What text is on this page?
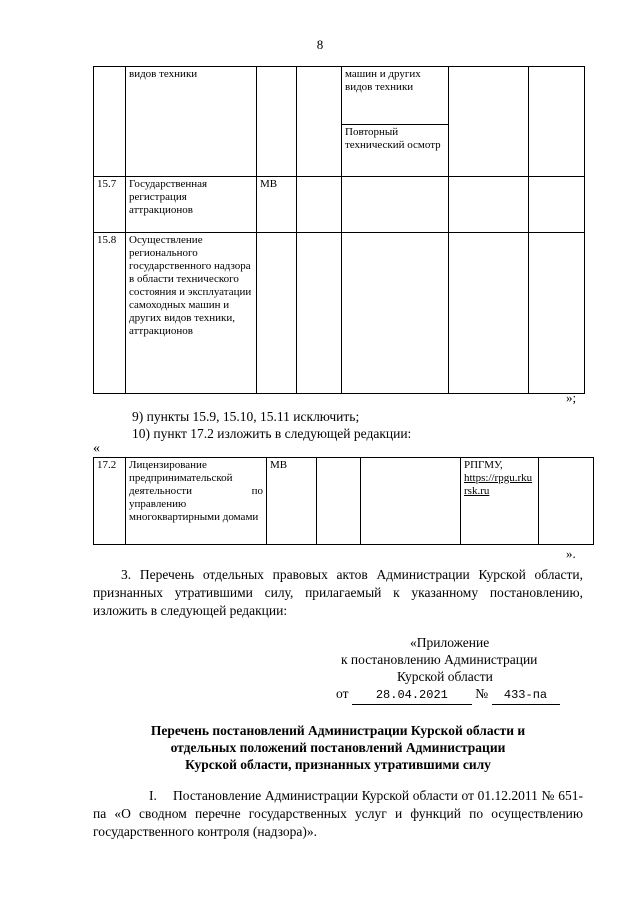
8
	видов техники			машин и других видов техники
Повторный технический осмотр		

15.7	Государственная регистрация аттракционов	МВ				
15.8	Осуществление регионального государственного надзора в области технического состояния и эксплуатации самоходных машин и других видов техники, аттракционов					
»;
9) пункты 15.9, 15.10, 15.11 исключить;
10) пункт 17.2 изложить в следующей редакции:
«
17.2	Лицензирование предпринимательской деятельности по управлению многоквартирными домами	МВ			РПГМУ,
https://rpgu.rkursk.ru	
».
3. Перечень отдельных правовых актов Администрации Курской области, признанных утратившими силу, прилагаемый к указанному постановлению, изложить в следующей редакции:
«Приложение
к постановлению Администрации
Курской области
от 28.04.2021 № 433-па
Перечень постановлений Администрации Курской области и
отдельных положений постановлений Администрации
Курской области, признанных утратившими силу
I. Постановление Администрации Курской области от 01.12.2011 № 651-па «О сводном перечне государственных услуг и функций по осуществлению государственного контроля (надзора)».
